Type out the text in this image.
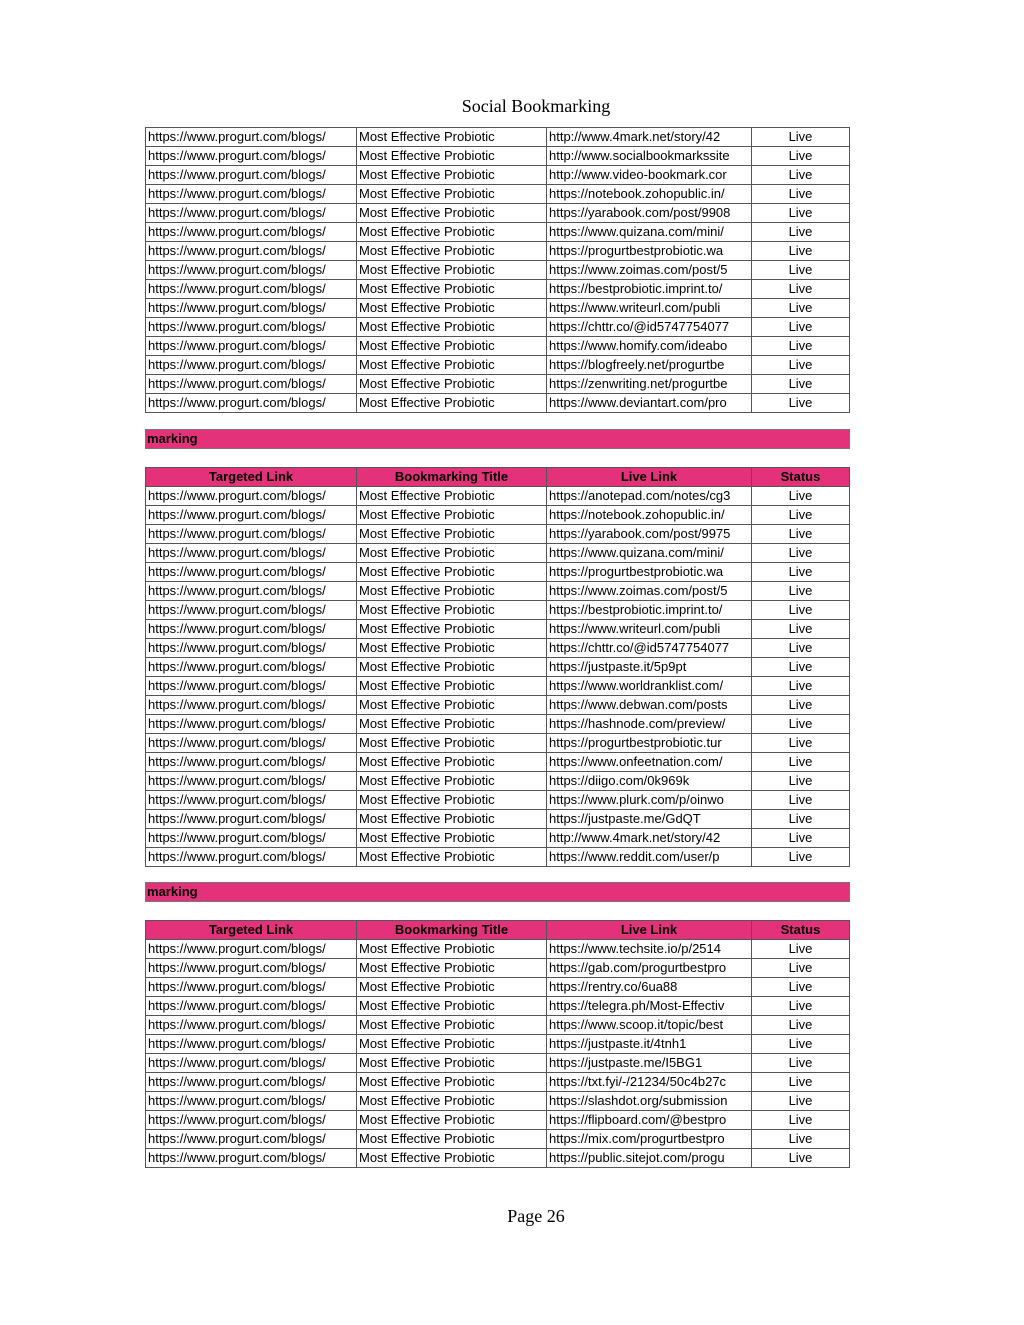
Social Bookmarking
https://www.progurt.com/blogs/	Most Effective Probiotic	http://www.4mark.net/story/42	Live
https://www.progurt.com/blogs/	Most Effective Probiotic	http://www.socialbookmarkssite	Live
https://www.progurt.com/blogs/	Most Effective Probiotic	http://www.video-bookmark.cor	Live
https://www.progurt.com/blogs/	Most Effective Probiotic	https://notebook.zohopublic.in/	Live
https://www.progurt.com/blogs/	Most Effective Probiotic	https://yarabook.com/post/9908	Live
https://www.progurt.com/blogs/	Most Effective Probiotic	https://www.quizana.com/mini/	Live
https://www.progurt.com/blogs/	Most Effective Probiotic	https://progurtbestprobiotic.wa	Live
https://www.progurt.com/blogs/	Most Effective Probiotic	https://www.zoimas.com/post/5	Live
https://www.progurt.com/blogs/	Most Effective Probiotic	https://bestprobiotic.imprint.to/	Live
https://www.progurt.com/blogs/	Most Effective Probiotic	https://www.writeurl.com/publi	Live
https://www.progurt.com/blogs/	Most Effective Probiotic	https://chttr.co/@id5747754077	Live
https://www.progurt.com/blogs/	Most Effective Probiotic	https://www.homify.com/ideabo	Live
https://www.progurt.com/blogs/	Most Effective Probiotic	https://blogfreely.net/progurtbe	Live
https://www.progurt.com/blogs/	Most Effective Probiotic	https://zenwriting.net/progurtbe	Live
https://www.progurt.com/blogs/	Most Effective Probiotic	https://www.deviantart.com/pro	Live
marking
Targeted Link	Bookmarking Title	Live Link	Status
https://www.progurt.com/blogs/	Most Effective Probiotic	https://anotepad.com/notes/cg3	Live
https://www.progurt.com/blogs/	Most Effective Probiotic	https://notebook.zohopublic.in/	Live
https://www.progurt.com/blogs/	Most Effective Probiotic	https://yarabook.com/post/9975	Live
https://www.progurt.com/blogs/	Most Effective Probiotic	https://www.quizana.com/mini/	Live
https://www.progurt.com/blogs/	Most Effective Probiotic	https://progurtbestprobiotic.wa	Live
https://www.progurt.com/blogs/	Most Effective Probiotic	https://www.zoimas.com/post/5	Live
https://www.progurt.com/blogs/	Most Effective Probiotic	https://bestprobiotic.imprint.to/	Live
https://www.progurt.com/blogs/	Most Effective Probiotic	https://www.writeurl.com/publi	Live
https://www.progurt.com/blogs/	Most Effective Probiotic	https://chttr.co/@id5747754077	Live
https://www.progurt.com/blogs/	Most Effective Probiotic	https://justpaste.it/5p9pt	Live
https://www.progurt.com/blogs/	Most Effective Probiotic	https://www.worldranklist.com/	Live
https://www.progurt.com/blogs/	Most Effective Probiotic	https://www.debwan.com/posts	Live
https://www.progurt.com/blogs/	Most Effective Probiotic	https://hashnode.com/preview/	Live
https://www.progurt.com/blogs/	Most Effective Probiotic	https://progurtbestprobiotic.tur	Live
https://www.progurt.com/blogs/	Most Effective Probiotic	https://www.onfeetnation.com/	Live
https://www.progurt.com/blogs/	Most Effective Probiotic	https://diigo.com/0k969k	Live
https://www.progurt.com/blogs/	Most Effective Probiotic	https://www.plurk.com/p/oinwo	Live
https://www.progurt.com/blogs/	Most Effective Probiotic	https://justpaste.me/GdQT	Live
https://www.progurt.com/blogs/	Most Effective Probiotic	http://www.4mark.net/story/42	Live
https://www.progurt.com/blogs/	Most Effective Probiotic	https://www.reddit.com/user/p	Live
marking
Targeted Link	Bookmarking Title	Live Link	Status
https://www.progurt.com/blogs/	Most Effective Probiotic	https://www.techsite.io/p/2514	Live
https://www.progurt.com/blogs/	Most Effective Probiotic	https://gab.com/progurtbestpro	Live
https://www.progurt.com/blogs/	Most Effective Probiotic	https://rentry.co/6ua88	Live
https://www.progurt.com/blogs/	Most Effective Probiotic	https://telegra.ph/Most-Effectiv	Live
https://www.progurt.com/blogs/	Most Effective Probiotic	https://www.scoop.it/topic/best	Live
https://www.progurt.com/blogs/	Most Effective Probiotic	https://justpaste.it/4tnh1	Live
https://www.progurt.com/blogs/	Most Effective Probiotic	https://justpaste.me/I5BG1	Live
https://www.progurt.com/blogs/	Most Effective Probiotic	https://txt.fyi/-/21234/50c4b27c	Live
https://www.progurt.com/blogs/	Most Effective Probiotic	https://slashdot.org/submission	Live
https://www.progurt.com/blogs/	Most Effective Probiotic	https://flipboard.com/@bestpro	Live
https://www.progurt.com/blogs/	Most Effective Probiotic	https://mix.com/progurtbestpro	Live
https://www.progurt.com/blogs/	Most Effective Probiotic	https://public.sitejot.com/progu	Live
Page 26
